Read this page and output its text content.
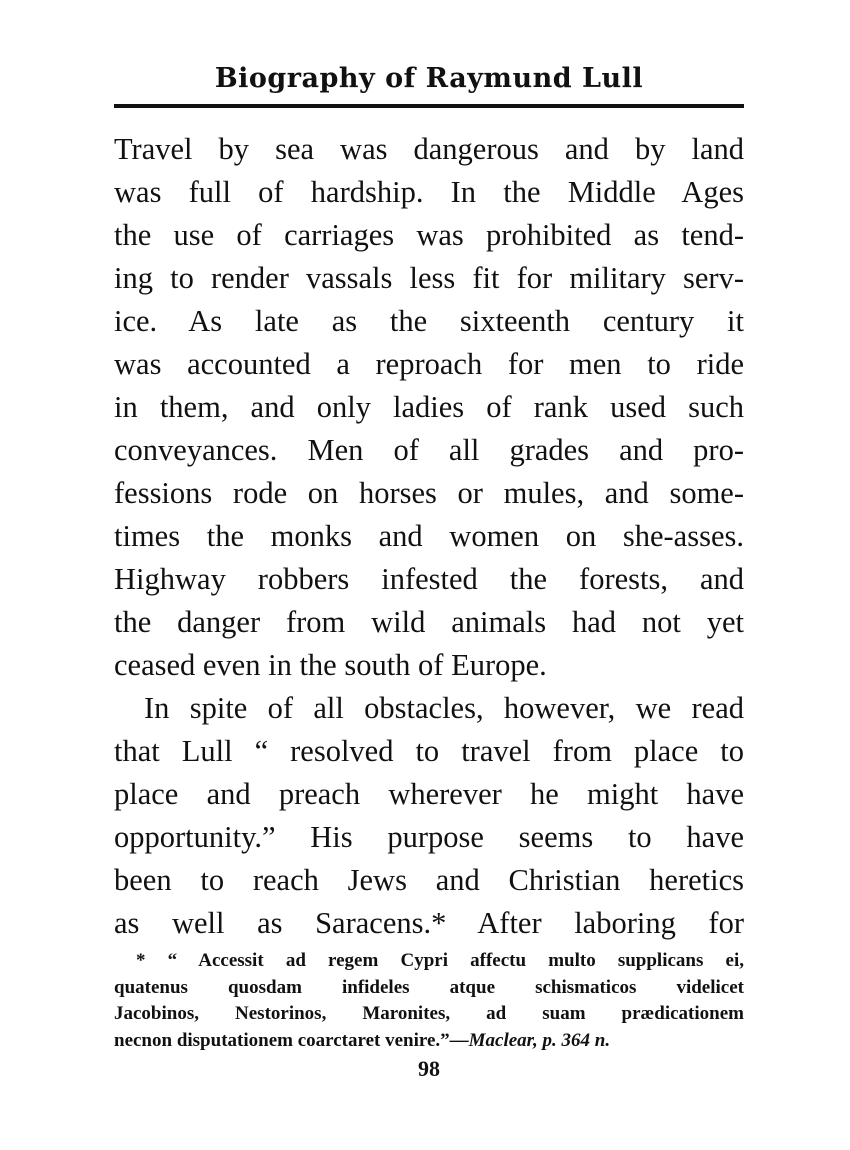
Biography of Raymund Lull
Travel by sea was dangerous and by land
was full of hardship. In the Middle Ages
the use of carriages was prohibited as tend-
ing to render vassals less fit for military serv-
ice. As late as the sixteenth century it
was accounted a reproach for men to ride
in them, and only ladies of rank used such
conveyances. Men of all grades and pro-
fessions rode on horses or mules, and some-
times the monks and women on she-asses.
Highway robbers infested the forests, and
the danger from wild animals had not yet
ceased even in the south of Europe.
In spite of all obstacles, however, we read
that Lull “ resolved to travel from place to
place and preach wherever he might have
opportunity.” His purpose seems to have
been to reach Jews and Christian heretics
as well as Saracens.* After laboring for
* “ Accessit ad regem Cypri affectu multo supplicans ei,
quatenus quosdam infideles atque schismaticos videlicet
Jacobinos, Nestorinos, Maronites, ad suam prædicationem
necnon disputationem coarctaret venire.”—Maclear, p. 364 n.
98
